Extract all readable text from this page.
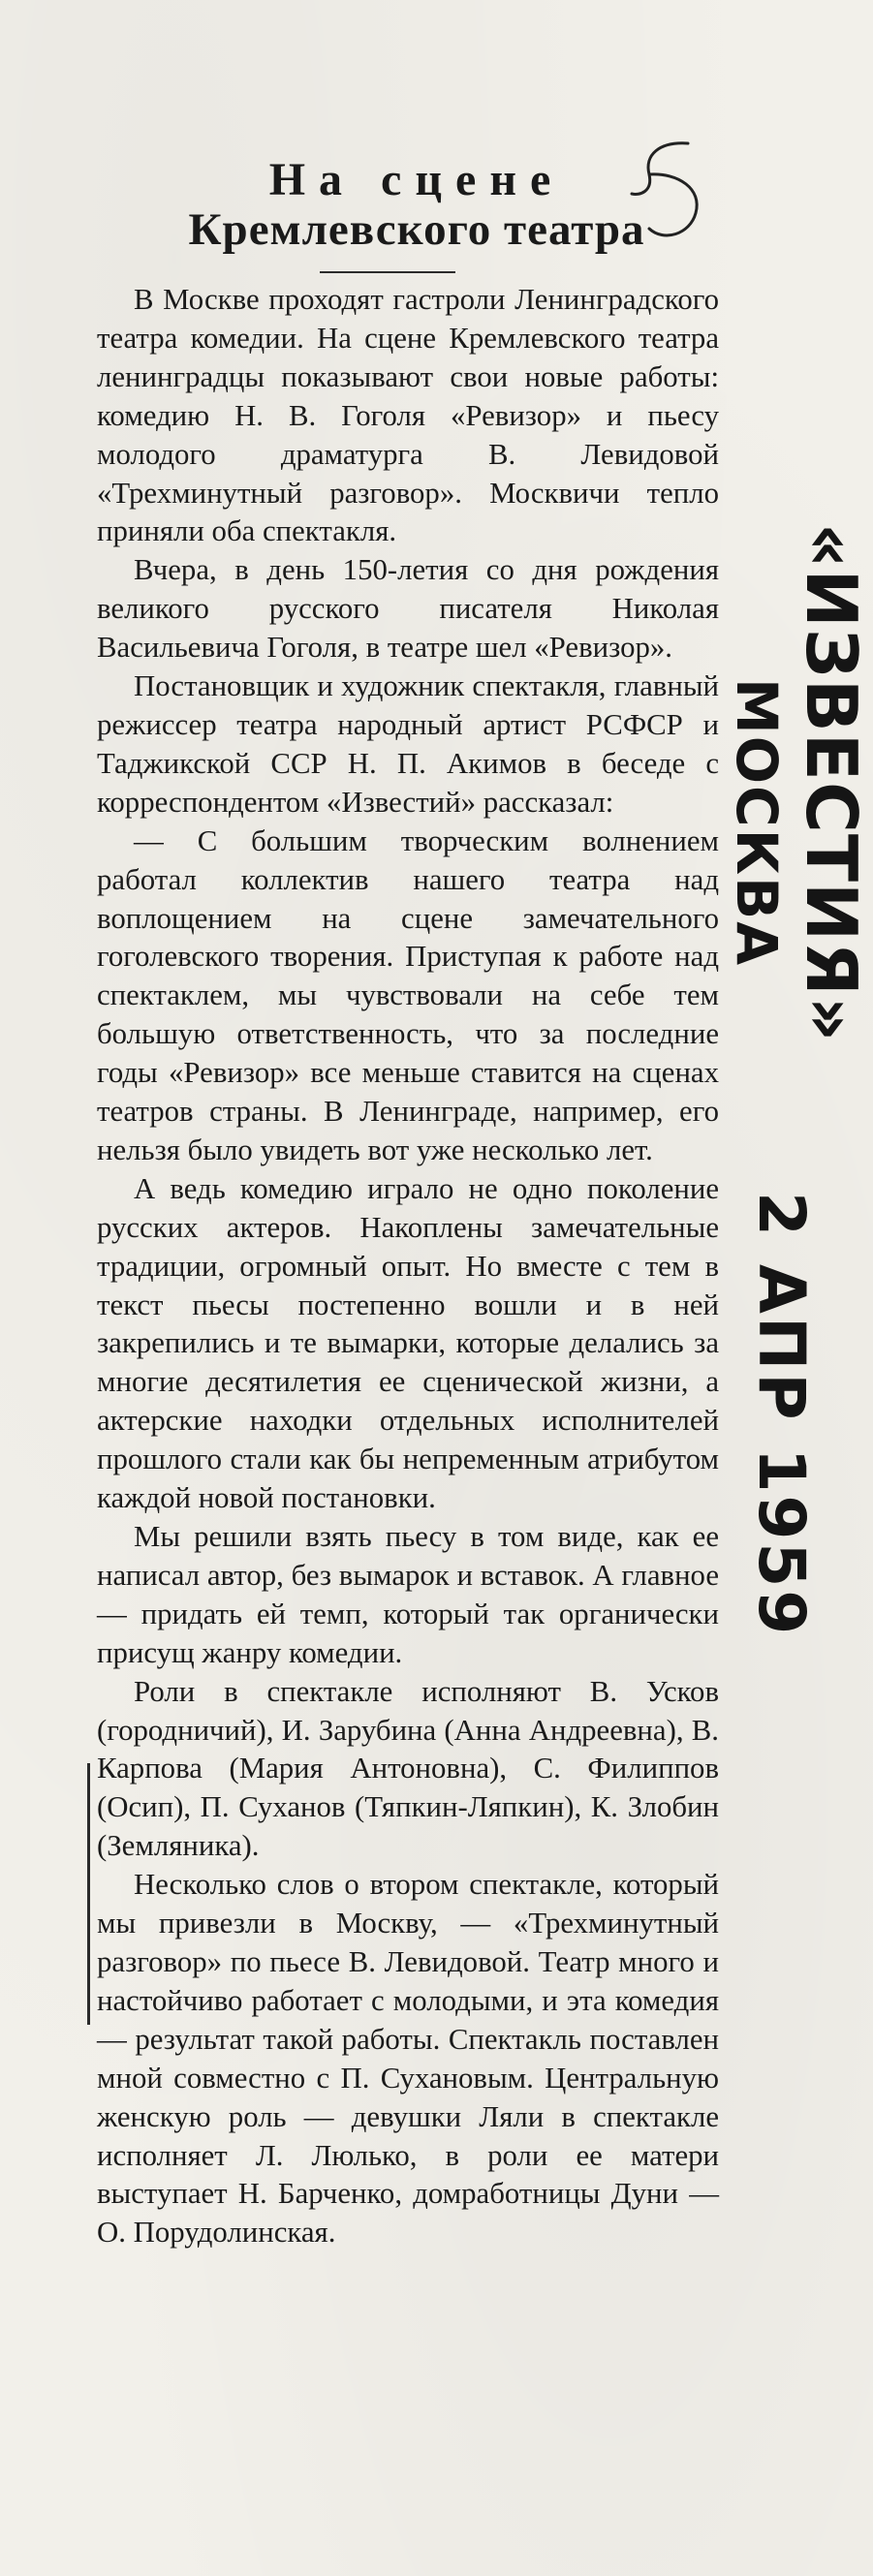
На сцене
Кремлевского театра

В Москве проходят гастроли Ленинградского театра комедии. На сцене Кремлевского театра ленинградцы показывают свои новые работы: комедию Н. В. Гоголя «Ревизор» и пьесу молодого драматурга В. Левидовой «Трехминутный разговор». Москвичи тепло приняли оба спектакля.

Вчера, в день 150-летия со дня рождения великого русского писателя Николая Васильевича Гоголя, в театре шел «Ревизор».

Постановщик и художник спектакля, главный режиссер театра народный артист РСФСР и Таджикской ССР Н. П. Акимов в беседе с корреспондентом «Известий» рассказал:

— С большим творческим волнением работал коллектив нашего театра над воплощением на сцене замечательного гоголевского творения. Приступая к работе над спектаклем, мы чувствовали на себе тем большую ответственность, что за последние годы «Ревизор» все меньше ставится на сценах театров страны. В Ленинграде, например, его нельзя было увидеть вот уже несколько лет.

А ведь комедию играло не одно поколение русских актеров. Накоплены замечательные традиции, огромный опыт. Но вместе с тем в текст пьесы постепенно вошли и в ней закрепились и те вымарки, которые делались за многие десятилетия ее сценической жизни, а актерские находки отдельных исполнителей прошлого стали как бы непременным атрибутом каждой новой постановки.

Мы решили взять пьесу в том виде, как ее написал автор, без вымарок и вставок. А главное — придать ей темп, который так органически присущ жанру комедии.

Роли в спектакле исполняют В. Усков (городничий), И. Зарубина (Анна Андреевна), В. Карпова (Мария Антоновна), С. Филиппов (Осип), П. Суханов (Тяпкин-Ляпкин), К. Злобин (Земляника).

Несколько слов о втором спектакле, который мы привезли в Москву, — «Трехминутный разговор» по пьесе В. Левидовой. Театр много и настойчиво работает с молодыми, и эта комедия — результат такой работы. Спектакль поставлен мной совместно с П. Сухановым. Центральную женскую роль — девушки Ляли в спектакле исполняет Л. Люлько, в роли ее матери выступает Н. Барченко, домработницы Дуни — О. Порудолинская.

«ИЗВЕСТИЯ»
МОСКВА
2 АПР 1959
